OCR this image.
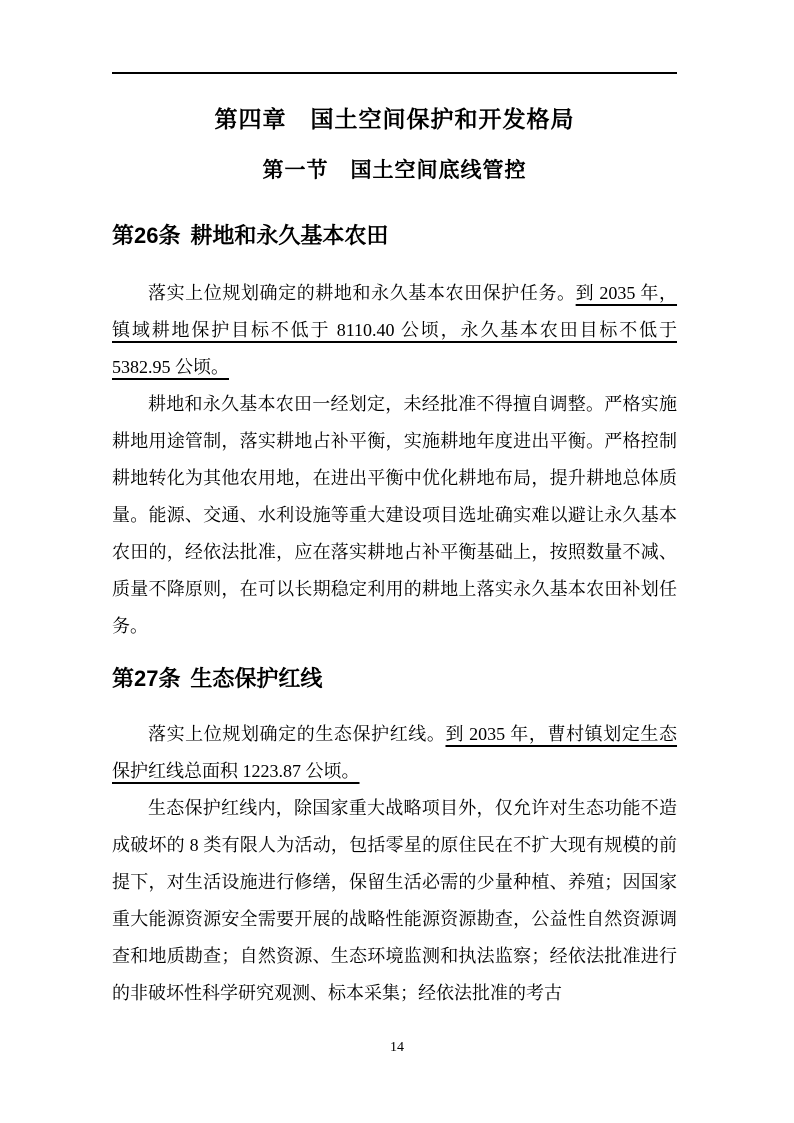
第四章　国土空间保护和开发格局
第一节　国土空间底线管控
第26条 耕地和永久基本农田

落实上位规划确定的耕地和永久基本农田保护任务。到 2035 年，镇域耕地保护目标不低于 8110.40 公顷，永久基本农田目标不低于 5382.95 公顷。

耕地和永久基本农田一经划定，未经批准不得擅自调整。严格实施耕地用途管制，落实耕地占补平衡，实施耕地年度进出平衡。严格控制耕地转化为其他农用地，在进出平衡中优化耕地布局，提升耕地总体质量。能源、交通、水利设施等重大建设项目选址确实难以避让永久基本农田的，经依法批准，应在落实耕地占补平衡基础上，按照数量不减、质量不降原则，在可以长期稳定利用的耕地上落实永久基本农田补划任务。

第27条 生态保护红线

落实上位规划确定的生态保护红线。到 2035 年，曹村镇划定生态保护红线总面积 1223.87 公顷。

生态保护红线内，除国家重大战略项目外，仅允许对生态功能不造成破坏的 8 类有限人为活动，包括零星的原住民在不扩大现有规模的前提下，对生活设施进行修缮，保留生活必需的少量种植、养殖；因国家重大能源资源安全需要开展的战略性能源资源勘查，公益性自然资源调查和地质勘查；自然资源、生态环境监测和执法监察；经依法批准进行的非破坏性科学研究观测、标本采集；经依法批准的考古

14
